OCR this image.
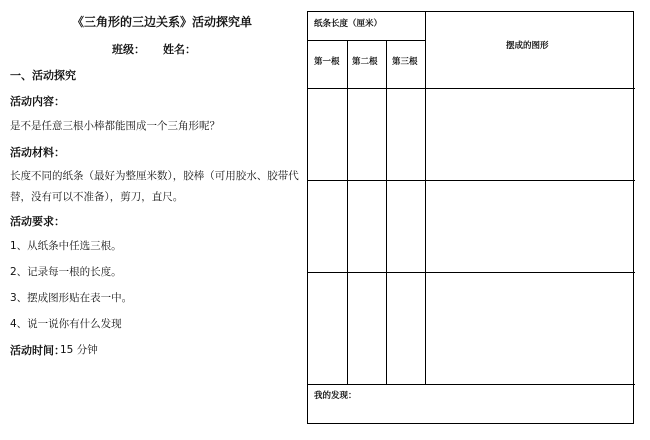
《三角形的三边关系》活动探究单
班级： 姓名：
一、活动探究
活动内容：
是不是任意三根小棒都能围成一个三角形呢？
活动材料：
长度不同的纸条（最好为整厘米数），胶棒（可用胶水、胶带代替，没有可以不准备），剪刀，直尺。
活动要求：
1、从纸条中任选三根。
2、记录每一根的长度。
3、摆成图形贴在表一中。
4、说一说你有什么发现
活动时间：
15 分钟
纸条长度（厘米）
摆成的图形
第一根 第二根 第三根
我的发现：
